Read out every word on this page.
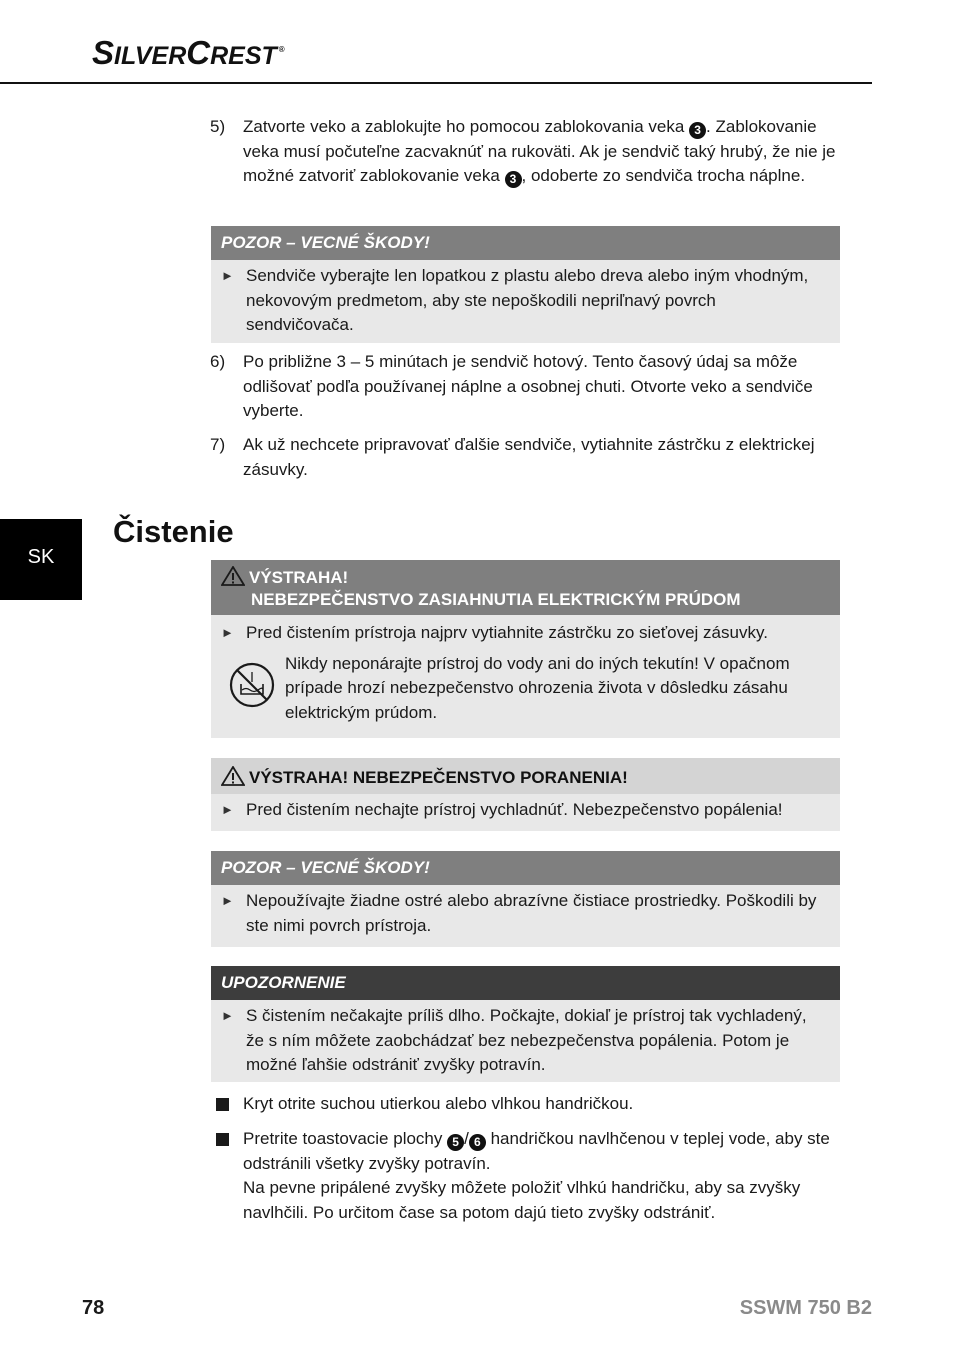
SILVERCREST ®
SK
5) Zatvorte veko a zablokujte ho pomocou zablokovania veka 3 . Zablokovanie veka musí počuteľne zacvaknúť na rukoväti. Ak je sendvič taký hrubý, že nie je možné zatvoriť zablokovanie veka 3 , odoberte zo sendviča trocha náplne.
POZOR – VECNÉ ŠKODY!
► Sendviče vyberajte len lopatkou z plastu alebo dreva alebo iným vhodným, nekovovým predmetom, aby ste nepoškodili nepriľnavý povrch sendvičovača.
6) Po približne 3 – 5 minútach je sendvič hotový. Tento časový údaj sa môže odlišovať podľa používanej náplne a osobnej chuti. Otvorte veko a sendviče vyberte.
7) Ak už nechcete pripravovať ďalšie sendviče, vytiahnite zástrčku z elektrickej zásuvky.
Čistenie
VÝSTRAHA!
NEBEZPEČENSTVO ZASIAHNUTIA ELEKTRICKÝM PRÚDOM
► Pred čistením prístroja najprv vytiahnite zástrčku zo sieťovej zásuvky.
Nikdy neponárajte prístroj do vody ani do iných tekutín! V opačnom prípade hrozí nebezpečenstvo ohrozenia života v dôsledku zásahu elektrickým prúdom.
VÝSTRAHA! NEBEZPEČENSTVO PORANENIA!
► Pred čistením nechajte prístroj vychladnúť. Nebezpečenstvo popálenia!
POZOR – VECNÉ ŠKODY!
► Nepoužívajte žiadne ostré alebo abrazívne čistiace prostriedky. Poškodili by ste nimi povrch prístroja.
UPOZORNENIE
► S čistením nečakajte príliš dlho. Počkajte, dokiaľ je prístroj tak vychladený, že s ním môžete zaobchádzať bez nebezpečenstva popálenia. Potom je možné ľahšie odstrániť zvyšky potravín.
Kryt otrite suchou utierkou alebo vlhkou handričkou.
Pretrite toastovacie plochy 5 / 6 handričkou navlhčenou v teplej vode, aby ste odstránili všetky zvyšky potravín.
Na pevne pripálené zvyšky môžete položiť vlhkú handričku, aby sa zvyšky navlhčili. Po určitom čase sa potom dajú tieto zvyšky odstrániť.
78	SSWM 750 B2
